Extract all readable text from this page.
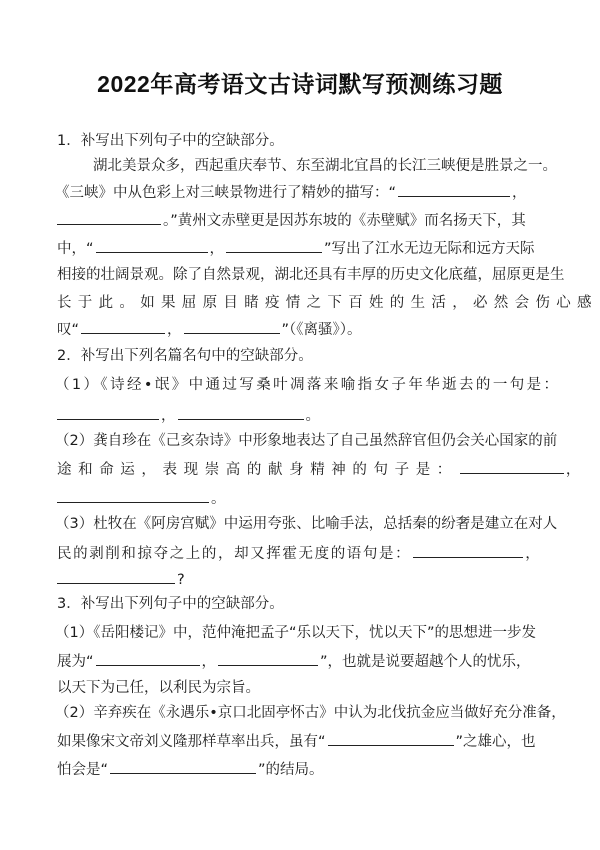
2022年高考语文古诗词默写预测练习题
1．补写出下列句子中的空缺部分。
湖北美景众多，西起重庆奉节、东至湖北宜昌的长江三峡便是胜景之一。
《三峡》中从色彩上对三峡景物进行了精妙的描写：“	，
。”黄州文赤壁更是因苏东坡的《赤壁赋》而名扬天下，其
中，“	，	”写出了江水无边无际和远方天际
相接的壮阔景观。除了自然景观，湖北还具有丰厚的历史文化底蕴，屈原更是生
长于此。如果屈原目睹疫情之下百姓的生活，必然会伤心感
叹“	，	”（《离骚》）。
2．补写出下列名篇名句中的空缺部分。
（1）《诗经•氓》中通过写桑叶凋落来喻指女子年华逝去的一句是：
，	。
（2）龚自珍在《己亥杂诗》中形象地表达了自己虽然辞官但仍会关心国家的前
途和命运，表现崇高的献身精神的句子是：	，
。
（3）杜牧在《阿房宫赋》中运用夸张、比喻手法，总括秦的纷奢是建立在对人
民的剥削和掠夺之上的，却又挥霍无度的语句是：	，
?
3．补写出下列句子中的空缺部分。
（1）《岳阳楼记》中，范仲淹把孟子“乐以天下，忧以天下”的思想进一步发
展为“	，	”，也就是说要超越个人的忧乐，
以天下为己任，以利民为宗旨。
（2）辛弃疾在《永遇乐•京口北固亭怀古》中认为北伐抗金应当做好充分准备，
如果像宋文帝刘义隆那样草率出兵，虽有“	”之雄心，也
怕会是“	”的结局。
